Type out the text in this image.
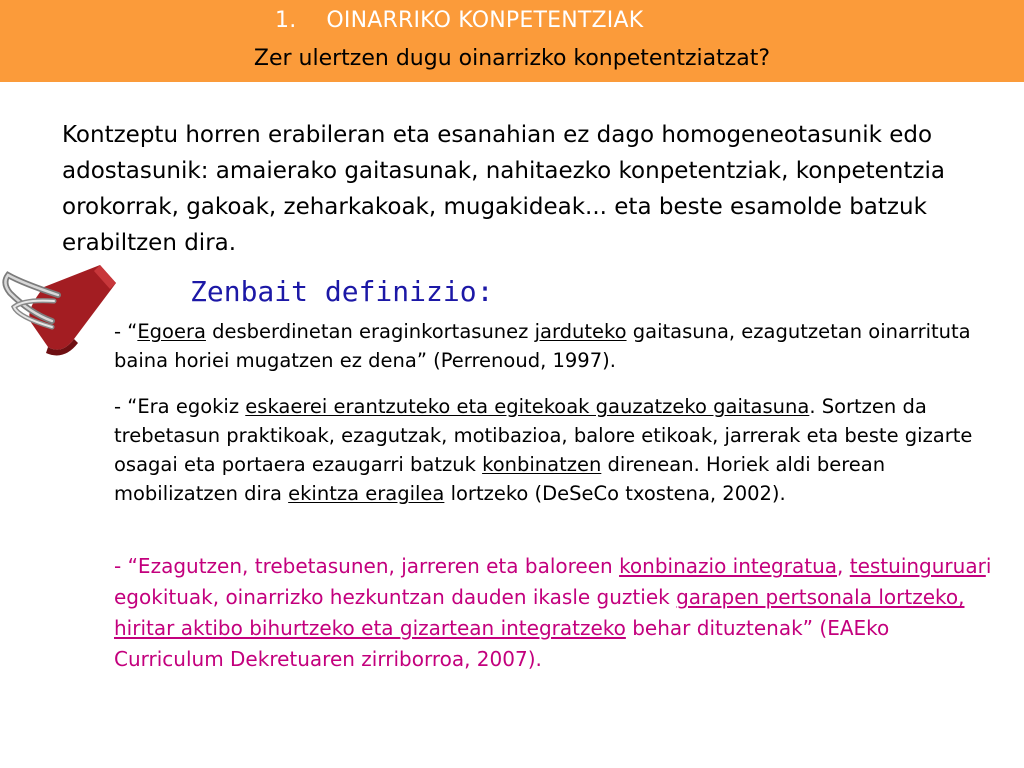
1. OINARRIKO KONPETENTZIAK
Zer ulertzen dugu oinarrizko konpetentziatzat?
Kontzeptu horren erabileran eta esanahian ez dago homogeneotasunik edo adostasunik: amaierako gaitasunak, nahitaezko konpetentziak, konpetentzia orokorrak, gakoak, zeharkakoak, mugakideak... eta beste esamolde batzuk erabiltzen dira.
Zenbait definizio:
- “Egoera desberdinetan eraginkortasunez jarduteko gaitasuna, ezagutzetan oinarrituta baina horiei mugatzen ez dena” (Perrenoud, 1997).
- “Era egokiz eskaerei erantzuteko eta egitekoak gauzatzeko gaitasuna. Sortzen da trebetasun praktikoak, ezagutzak, motibazioa, balore etikoak, jarrerak eta beste gizarte osagai eta portaera ezaugarri batzuk konbinatzen direnean. Horiek aldi berean mobilizatzen dira ekintza eragilea lortzeko (DeSeCo txostena, 2002).
- “Ezagutzen, trebetasunen, jarreren eta baloreen konbinazio integratua, testuinguruari egokituak, oinarrizko hezkuntzan dauden ikasle guztiek garapen pertsonala lortzeko, hiritar aktibo bihurtzeko eta gizartean integratzeko behar dituztenak” (EAEko Curriculum Dekretuaren zirriborroa, 2007).
